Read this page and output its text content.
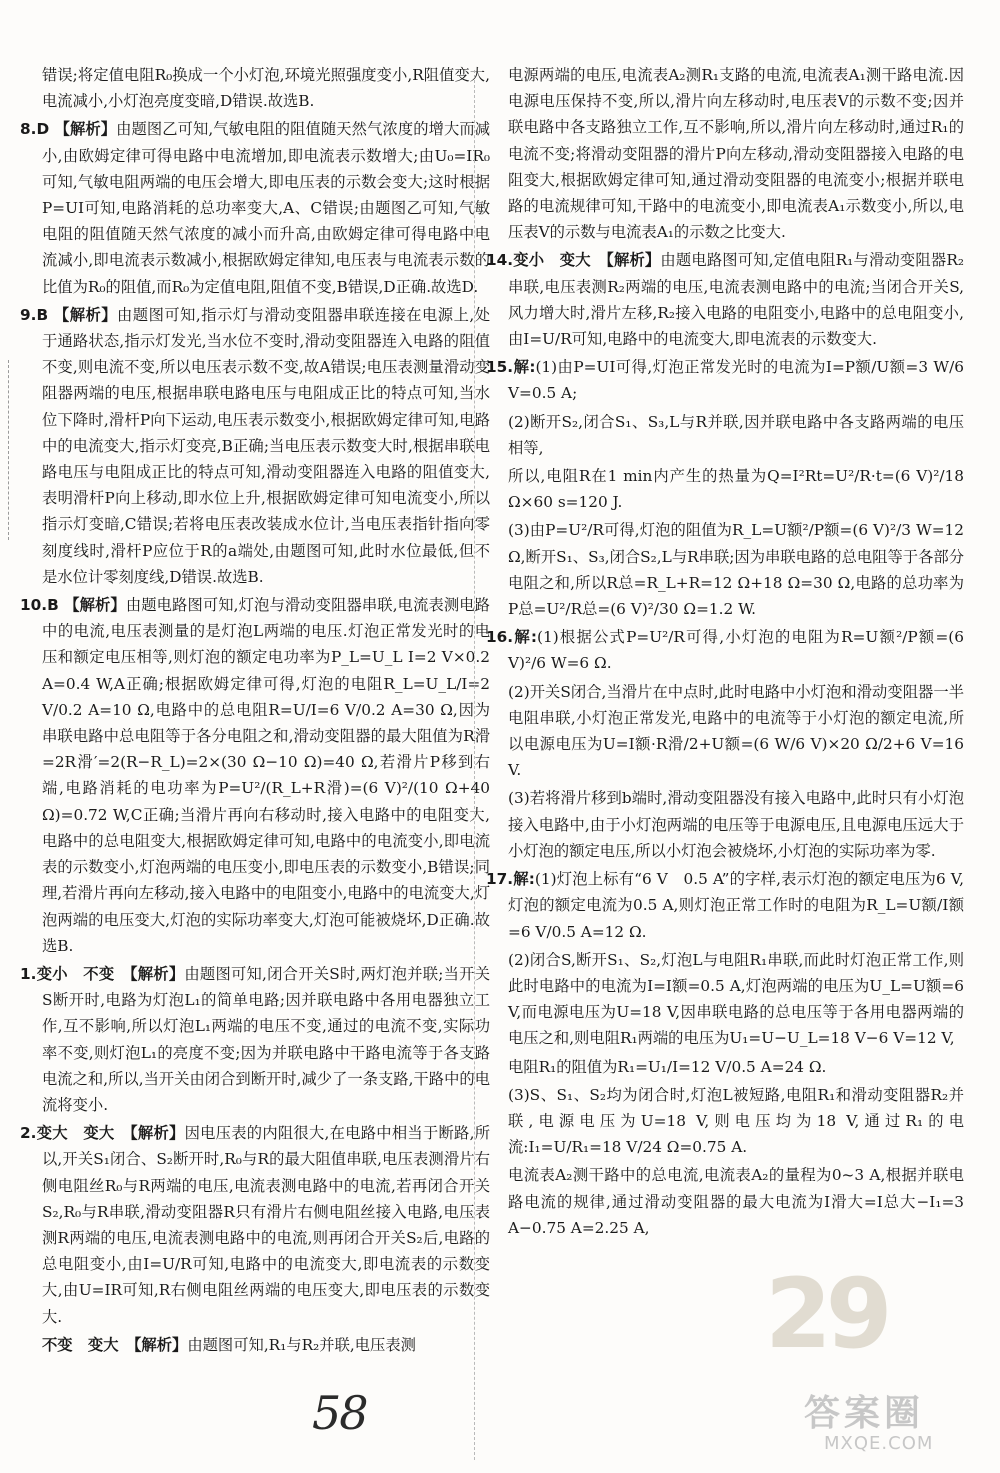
错误;将定值电阻R₀换成一个小灯泡,环境光照强度变小,R阻值变大,电流减小,小灯泡亮度变暗,D错误.故选B.

8.D 【解析】由题图乙可知,气敏电阻的阻值随天然气浓度的增大而减小,由欧姆定律可得电路中电流增加,即电流表示数增大;由U₀=IR₀可知,气敏电阻两端的电压会增大,即电压表的示数会变大;这时根据P=UI可知,电路消耗的总功率变大,A、C错误;由题图乙可知,气敏电阻的阻值随天然气浓度的减小而升高,由欧姆定律可得电路中电流减小,即电流表示数减小,根据欧姆定律知,电压表与电流表示数的比值为R₀的阻值,而R₀为定值电阻,阻值不变,B错误,D正确.故选D.

9.B 【解析】由题图可知,指示灯与滑动变阻器串联连接在电源上,处于通路状态,指示灯发光,当水位不变时,滑动变阻器连入电路的阻值不变,则电流不变,所以电压表示数不变,故A错误;电压表测量滑动变阻器两端的电压,根据串联电路电压与电阻成正比的特点可知,当水位下降时,滑杆P向下运动,电压表示数变小,根据欧姆定律可知,电路中的电流变大,指示灯变亮,B正确;当电压表示数变大时,根据串联电路电压与电阻成正比的特点可知,滑动变阻器连入电路的阻值变大,表明滑杆P向上移动,即水位上升,根据欧姆定律可知电流变小,所以指示灯变暗,C错误;若将电压表改装成水位计,当电压表指针指向零刻度线时,滑杆P应位于R的a端处,由题图可知,此时水位最低,但不是水位计零刻度线,D错误.故选B.

10.B 【解析】由题电路图可知,灯泡与滑动变阻器串联,电流表测电路中的电流,电压表测量的是灯泡L两端的电压.灯泡正常发光时的电压和额定电压相等,则灯泡的额定电功率为P_L=U_L I=2 V×0.2 A=0.4 W,A正确;根据欧姆定律可得,灯泡的电阻R_L=U_L/I=2 V/0.2 A=10 Ω,电路中的总电阻R=U/I=6 V/0.2 A=30 Ω,因为串联电路中总电阻等于各分电阻之和,滑动变阻器的最大阻值为R滑=2R滑′=2(R−R_L)=2×(30 Ω−10 Ω)=40 Ω,若滑片P移到右端,电路消耗的电功率为P=U²/(R_L+R滑)=(6 V)²/(10 Ω+40 Ω)=0.72 W,C正确;当滑片再向右移动时,接入电路中的电阻变大,电路中的总电阻变大,根据欧姆定律可知,电路中的电流变小,即电流表的示数变小,灯泡两端的电压变小,即电压表的示数变小,B错误;同理,若滑片再向左移动,接入电路中的电阻变小,电路中的电流变大,灯泡两端的电压变大,灯泡的实际功率变大,灯泡可能被烧坏,D正确.故选B.

1.变小　不变　【解析】由题图可知,闭合开关S时,两灯泡并联;当开关S断开时,电路为灯泡L₁的简单电路;因并联电路中各用电器独立工作,互不影响,所以灯泡L₁两端的电压不变,通过的电流不变,实际功率不变,则灯泡L₁的亮度不变;因为并联电路中干路电流等于各支路电流之和,所以,当开关由闭合到断开时,减少了一条支路,干路中的电流将变小.

2.变大　变大　【解析】因电压表的内阻很大,在电路中相当于断路,所以,开关S₁闭合、S₂断开时,R₀与R的最大阻值串联,电压表测滑片右侧电阻丝R₀与R两端的电压,电流表测电路中的电流,若再闭合开关S₂,R₀与R串联,滑动变阻器R只有滑片右侧电阻丝接入电路,电压表测R两端的电压,电流表测电路中的电流,则再闭合开关S₂后,电路的总电阻变小,由I=U/R可知,电路中的电流变大,即电流表的示数变大,由U=IR可知,R右侧电阻丝两端的电压变大,即电压表的示数变大.

不变　变大　【解析】由题图可知,R₁与R₂并联,电压表测

电源两端的电压,电流表A₂测R₁支路的电流,电流表A₁测干路电流.因电源电压保持不变,所以,滑片向左移动时,电压表V的示数不变;因并联电路中各支路独立工作,互不影响,所以,滑片向左移动时,通过R₁的电流不变;将滑动变阻器的滑片P向左移动,滑动变阻器接入电路的电阻变大,根据欧姆定律可知,通过滑动变阻器的电流变小;根据并联电路的电流规律可知,干路中的电流变小,即电流表A₁示数变小,所以,电压表V的示数与电流表A₁的示数之比变大.

14.变小　变大　【解析】由题电路图可知,定值电阻R₁与滑动变阻器R₂串联,电压表测R₂两端的电压,电流表测电路中的电流;当闭合开关S,风力增大时,滑片左移,R₂接入电路的电阻变小,电路中的总电阻变小,由I=U/R可知,电路中的电流变大,即电流表的示数变大.

15.解:(1)由P=UI可得,灯泡正常发光时的电流为I=P额/U额=3 W/6 V=0.5 A;

(2)断开S₂,闭合S₁、S₃,L与R并联,因并联电路中各支路两端的电压相等,

所以,电阻R在1 min内产生的热量为Q=I²Rt=U²/R·t=(6 V)²/18 Ω×60 s=120 J.

(3)由P=U²/R可得,灯泡的阻值为R_L=U额²/P额=(6 V)²/3 W=12 Ω,断开S₁、S₃,闭合S₂,L与R串联;因为串联电路的总电阻等于各部分电阻之和,所以R总=R_L+R=12 Ω+18 Ω=30 Ω,电路的总功率为P总=U²/R总=(6 V)²/30 Ω=1.2 W.

16.解:(1)根据公式P=U²/R可得,小灯泡的电阻为R=U额²/P额=(6 V)²/6 W=6 Ω.

(2)开关S闭合,当滑片在中点时,此时电路中小灯泡和滑动变阻器一半电阻串联,小灯泡正常发光,电路中的电流等于小灯泡的额定电流,所以电源电压为U=I额·R滑/2+U额=(6 W/6 V)×20 Ω/2+6 V=16 V.

(3)若将滑片移到b端时,滑动变阻器没有接入电路中,此时只有小灯泡接入电路中,由于小灯泡两端的电压等于电源电压,且电源电压远大于小灯泡的额定电压,所以小灯泡会被烧坏,小灯泡的实际功率为零.

17.解:(1)灯泡上标有“6 V　0.5 A”的字样,表示灯泡的额定电压为6 V,灯泡的额定电流为0.5 A,则灯泡正常工作时的电阻为R_L=U额/I额=6 V/0.5 A=12 Ω.

(2)闭合S,断开S₁、S₂,灯泡L与电阻R₁串联,而此时灯泡正常工作,则此时电路中的电流为I=I额=0.5 A,灯泡两端的电压为U_L=U额=6 V,而电源电压为U=18 V,因串联电路的总电压等于各用电器两端的电压之和,则电阻R₁两端的电压为U₁=U−U_L=18 V−6 V=12 V,

电阻R₁的阻值为R₁=U₁/I=12 V/0.5 A=24 Ω.

(3)S、S₁、S₂均为闭合时,灯泡L被短路,电阻R₁和滑动变阻器R₂并联,电源电压为U=18 V,则电压均为18 V,通过R₁的电流:I₁=U/R₁=18 V/24 Ω=0.75 A.

电流表A₂测干路中的总电流,电流表A₂的量程为0~3 A,根据并联电路电流的规律,通过滑动变阻器的最大电流为I滑大=I总大−I₁=3 A−0.75 A=2.25 A,

29
58	答案圈
MXQE.COM
